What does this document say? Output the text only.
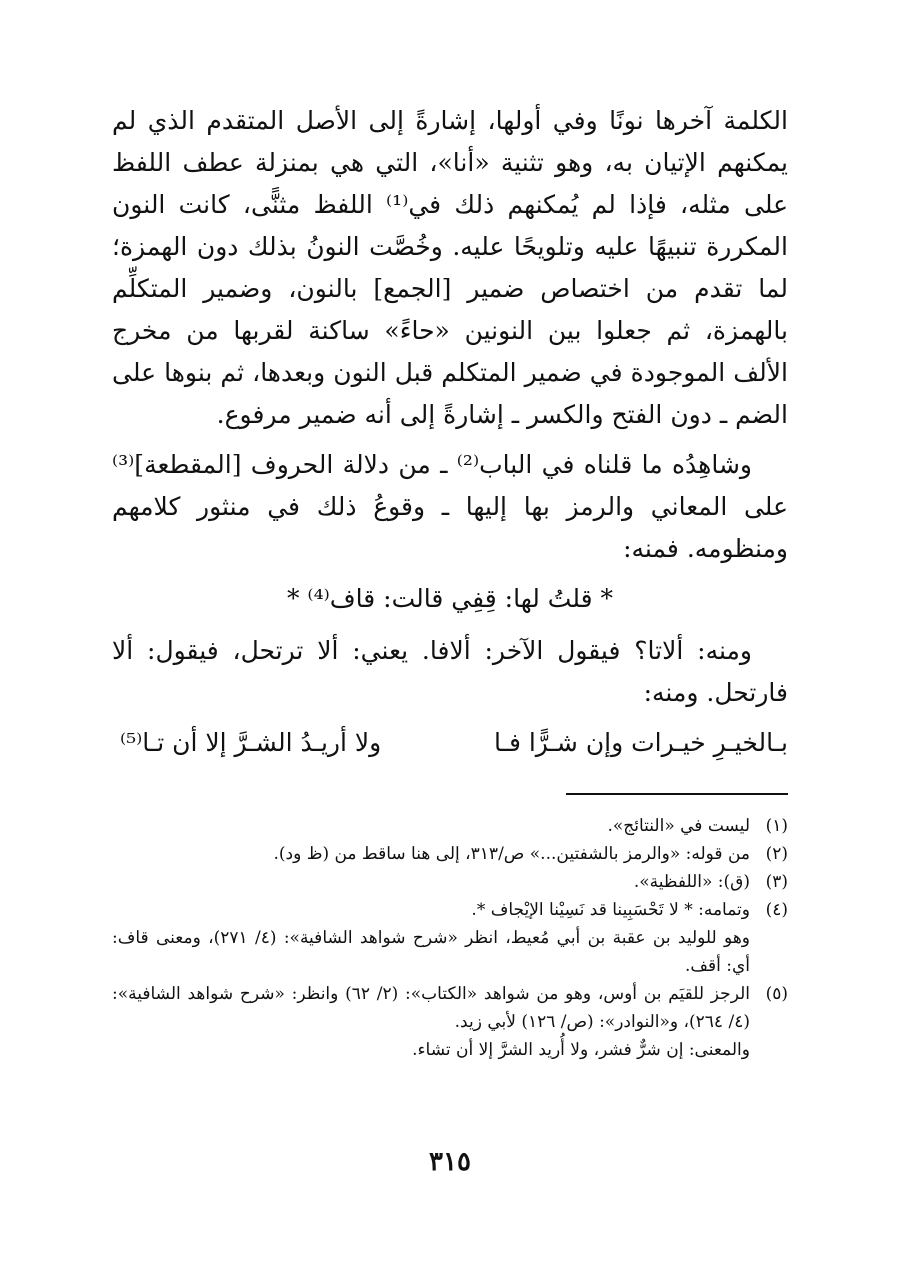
الكلمة آخرها نونًا وفي أولها، إشارةً إلى الأصل المتقدم الذي لم يمكنهم الإتيان به، وهو تثنية «أنا»، التي هي بمنزلة عطف اللفظ على مثله، فإذا لم يُمكنهم ذلك في⁽¹⁾ اللفظ مثنًّى، كانت النون المكررة تنبيهًا عليه وتلويحًا عليه. وخُصَّت النونُ بذلك دون الهمزة؛ لما تقدم من اختصاص ضمير [الجمع] بالنون، وضمير المتكلِّم بالهمزة، ثم جعلوا بين النونين «حاءً» ساكنة لقربها من مخرج الألف الموجودة في ضمير المتكلم قبل النون وبعدها، ثم بنوها على الضم ـ دون الفتح والكسر ـ إشارةً إلى أنه ضمير مرفوع.

وشاهِدُه ما قلناه في الباب⁽²⁾ ـ من دلالة الحروف [المقطعة]⁽³⁾ على المعاني والرمز بها إليها ـ وقوعُ ذلك في منثور كلامهم ومنظومه. فمنه:

* قلتُ لها: قِفِي قالت: قاف⁽⁴⁾ *

ومنه: ألاتا؟ فيقول الآخر: ألافا. يعني: ألا ترتحل، فيقول: ألا فارتحل. ومنه:

بـالخيـرِ خيـرات وإن شـرًّا فـا
ولا أريـدُ الشـرَّ إلا أن تـا⁽⁵⁾
(١)
ليست في «النتائج».
(٢)
من قوله: «والرمز بالشفتين...» ص/٣١٣، إلى هنا ساقط من (ظ ود).
(٣)
(ق): «اللفظية».
(٤)
وتمامه: * لا تَحْسَبِينا قد نَسِيْنا الإيْجاف *.
وهو للوليد بن عقبة بن أبي مُعيط، انظر «شرح شواهد الشافية»: (٤/ ٢٧١)، ومعنى قاف: أي: أقف.
(٥)
الرجز للقيَم بن أوس، وهو من شواهد «الكتاب»: (٢/ ٦٢) وانظر: «شرح شواهد الشافية»: (٤/ ٢٦٤)، و«النوادر»: (ص/ ١٢٦) لأبي زيد.
والمعنى: إن شرٌّ فشر، ولا أُريد الشرَّ إلا أن تشاء.
٣١٥
